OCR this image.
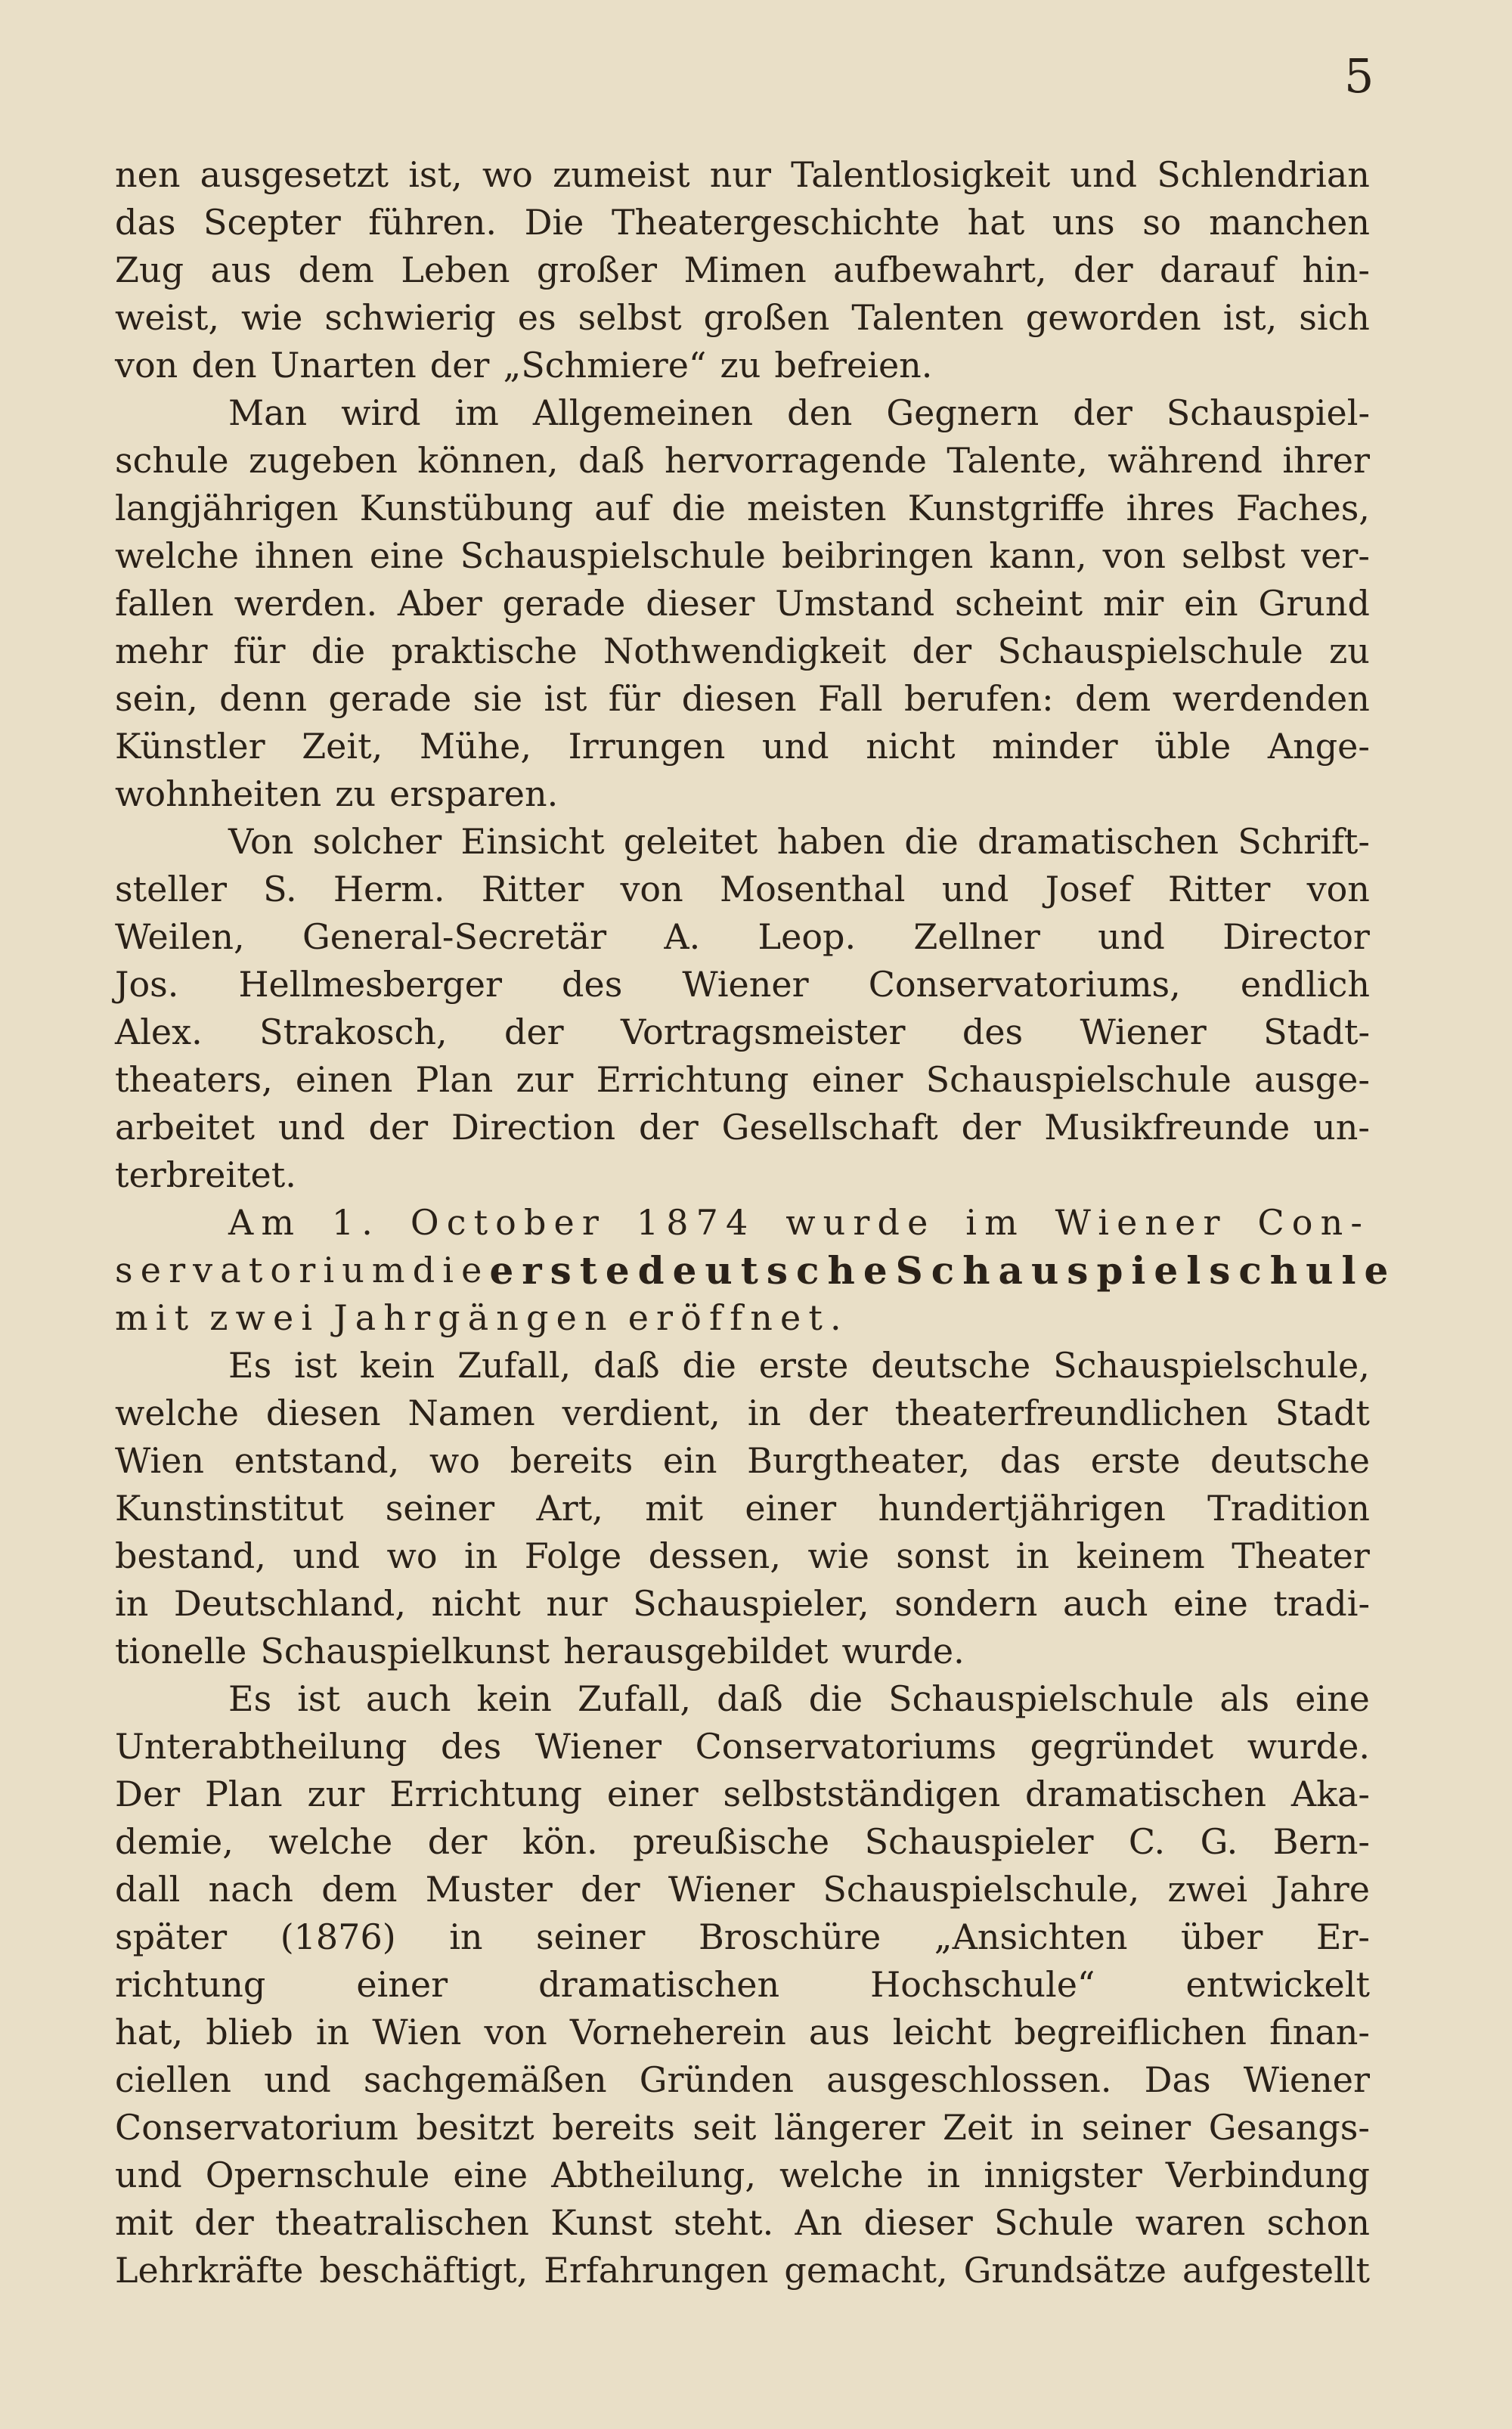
5
nen ausgesetzt ist, wo zumeist nur Talentlosigkeit und Schlendrian
das Scepter führen. Die Theatergeschichte hat uns so manchen
Zug aus dem Leben großer Mimen aufbewahrt, der darauf hin-
weist, wie schwierig es selbst großen Talenten geworden ist, sich
von den Unarten der „Schmiere“ zu befreien.
Man wird im Allgemeinen den Gegnern der Schauspiel-
schule zugeben können, daß hervorragende Talente, während ihrer
langjährigen Kunstübung auf die meisten Kunstgriffe ihres Faches,
welche ihnen eine Schauspielschule beibringen kann, von selbst ver-
fallen werden. Aber gerade dieser Umstand scheint mir ein Grund
mehr für die praktische Nothwendigkeit der Schauspielschule zu
sein, denn gerade sie ist für diesen Fall berufen: dem werdenden
Künstler Zeit, Mühe, Irrungen und nicht minder üble Ange-
wohnheiten zu ersparen.
Von solcher Einsicht geleitet haben die dramatischen Schrift-
steller S. Herm. Ritter von Mosenthal und Josef Ritter von
Weilen, General-Secretär A. Leop. Zellner und Director
Jos. Hellmesberger des Wiener Conservatoriums, endlich
Alex. Strakosch, der Vortragsmeister des Wiener Stadt-
theaters, einen Plan zur Errichtung einer Schauspielschule ausge-
arbeitet und der Direction der Gesellschaft der Musikfreunde un-
terbreitet.
Am 1. October 1874 wurde im Wiener Con-
servatorium die erste deutsche Schauspielschule
mit zwei Jahrgängen eröffnet.
Es ist kein Zufall, daß die erste deutsche Schauspielschule,
welche diesen Namen verdient, in der theaterfreundlichen Stadt
Wien entstand, wo bereits ein Burgtheater, das erste deutsche
Kunstinstitut seiner Art, mit einer hundertjährigen Tradition
bestand, und wo in Folge dessen, wie sonst in keinem Theater
in Deutschland, nicht nur Schauspieler, sondern auch eine tradi-
tionelle Schauspielkunst herausgebildet wurde.
Es ist auch kein Zufall, daß die Schauspielschule als eine
Unterabtheilung des Wiener Conservatoriums gegründet wurde.
Der Plan zur Errichtung einer selbstständigen dramatischen Aka-
demie, welche der kön. preußische Schauspieler C. G. Bern-
dall nach dem Muster der Wiener Schauspielschule, zwei Jahre
später (1876) in seiner Broschüre „Ansichten über Er-
richtung	einer	dramatischen	Hochschule“	entwickelt
hat, blieb in Wien von Vorneherein aus leicht begreiflichen finan-
ciellen und sachgemäßen Gründen ausgeschlossen. Das Wiener
Conservatorium besitzt bereits seit längerer Zeit in seiner Gesangs-
und Opernschule eine Abtheilung, welche in innigster Verbindung
mit der theatralischen Kunst steht. An dieser Schule waren schon
Lehrkräfte beschäftigt, Erfahrungen gemacht, Grundsätze aufgestellt
